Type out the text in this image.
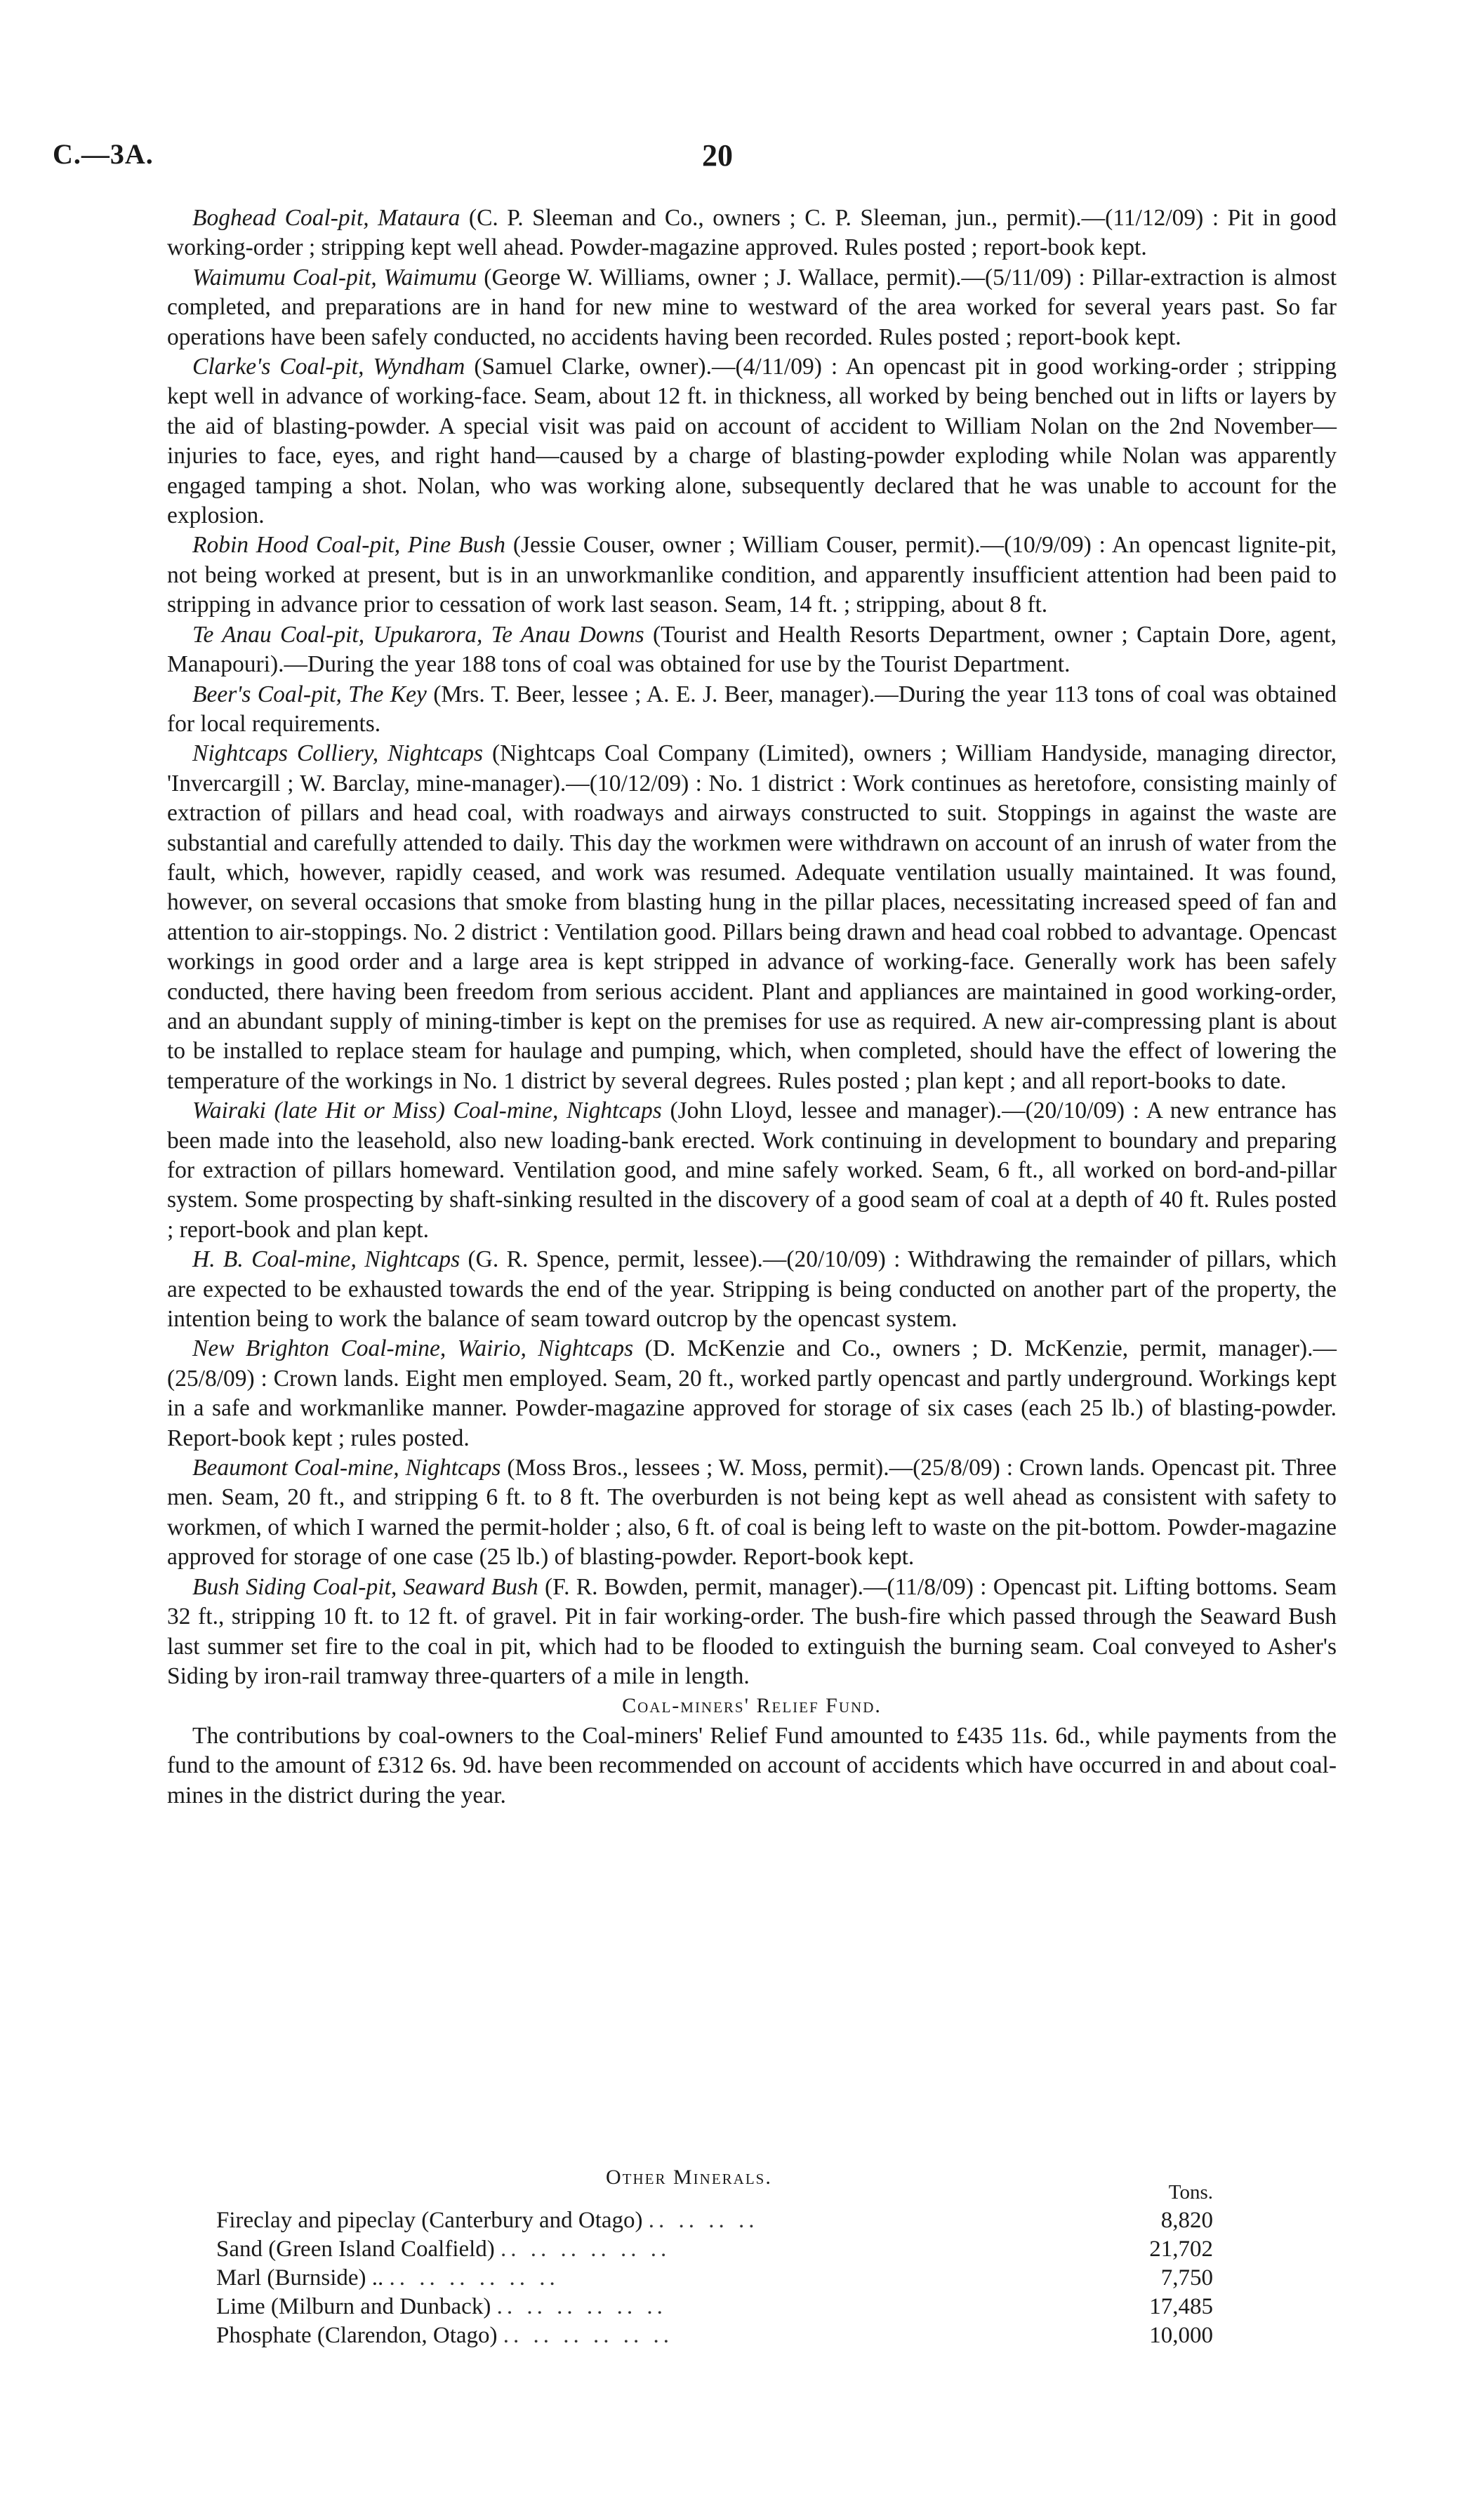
C.—3A.	20

Boghead Coal-pit, Mataura (C. P. Sleeman and Co., owners ; C. P. Sleeman, jun., permit).—(11/12/09) : Pit in good working-order ; stripping kept well ahead. Powder-magazine approved. Rules posted ; report-book kept.

Waimumu Coal-pit, Waimumu (George W. Williams, owner ; J. Wallace, permit).—(5/11/09) : Pillar-extraction is almost completed, and preparations are in hand for new mine to westward of the area worked for several years past. So far operations have been safely conducted, no accidents having been recorded. Rules posted ; report-book kept.

Clarke's Coal-pit, Wyndham (Samuel Clarke, owner).—(4/11/09) : An opencast pit in good working-order ; stripping kept well in advance of working-face. Seam, about 12 ft. in thickness, all worked by being benched out in lifts or layers by the aid of blasting-powder. A special visit was paid on account of accident to William Nolan on the 2nd November—injuries to face, eyes, and right hand—caused by a charge of blasting-powder exploding while Nolan was apparently engaged tamping a shot. Nolan, who was working alone, subsequently declared that he was unable to account for the explosion.

Robin Hood Coal-pit, Pine Bush (Jessie Couser, owner ; William Couser, permit).—(10/9/09) : An opencast lignite-pit, not being worked at present, but is in an unworkmanlike condition, and apparently insufficient attention had been paid to stripping in advance prior to cessation of work last season. Seam, 14 ft. ; stripping, about 8 ft.

Te Anau Coal-pit, Upukarora, Te Anau Downs (Tourist and Health Resorts Department, owner ; Captain Dore, agent, Manapouri).—During the year 188 tons of coal was obtained for use by the Tourist Department.

Beer's Coal-pit, The Key (Mrs. T. Beer, lessee ; A. E. J. Beer, manager).—During the year 113 tons of coal was obtained for local requirements.

Nightcaps Colliery, Nightcaps (Nightcaps Coal Company (Limited), owners ; William Handyside, managing director, 'Invercargill ; W. Barclay, mine-manager).—(10/12/09) : No. 1 district : Work continues as heretofore, consisting mainly of extraction of pillars and head coal, with roadways and airways constructed to suit. Stoppings in against the waste are substantial and carefully attended to daily. This day the workmen were withdrawn on account of an inrush of water from the fault, which, however, rapidly ceased, and work was resumed. Adequate ventilation usually maintained. It was found, however, on several occasions that smoke from blasting hung in the pillar places, necessitating increased speed of fan and attention to air-stoppings. No. 2 district : Ventilation good. Pillars being drawn and head coal robbed to advantage. Opencast workings in good order and a large area is kept stripped in advance of working-face. Generally work has been safely conducted, there having been freedom from serious accident. Plant and appliances are maintained in good working-order, and an abundant supply of mining-timber is kept on the premises for use as required. A new air-compressing plant is about to be installed to replace steam for haulage and pumping, which, when completed, should have the effect of lowering the temperature of the workings in No. 1 district by several degrees. Rules posted ; plan kept ; and all report-books to date.

Wairaki (late Hit or Miss) Coal-mine, Nightcaps (John Lloyd, lessee and manager).—(20/10/09) : A new entrance has been made into the leasehold, also new loading-bank erected. Work continuing in development to boundary and preparing for extraction of pillars homeward. Ventilation good, and mine safely worked. Seam, 6 ft., all worked on bord-and-pillar system. Some prospecting by shaft-sinking resulted in the discovery of a good seam of coal at a depth of 40 ft. Rules posted ; report-book and plan kept.

H. B. Coal-mine, Nightcaps (G. R. Spence, permit, lessee).—(20/10/09) : Withdrawing the remainder of pillars, which are expected to be exhausted towards the end of the year. Stripping is being conducted on another part of the property, the intention being to work the balance of seam toward outcrop by the opencast system.

New Brighton Coal-mine, Wairio, Nightcaps (D. McKenzie and Co., owners ; D. McKenzie, permit, manager).—(25/8/09) : Crown lands. Eight men employed. Seam, 20 ft., worked partly opencast and partly underground. Workings kept in a safe and workmanlike manner. Powder-magazine approved for storage of six cases (each 25 lb.) of blasting-powder. Report-book kept ; rules posted.

Beaumont Coal-mine, Nightcaps (Moss Bros., lessees ; W. Moss, permit).—(25/8/09) : Crown lands. Opencast pit. Three men. Seam, 20 ft., and stripping 6 ft. to 8 ft. The overburden is not being kept as well ahead as consistent with safety to workmen, of which I warned the permit-holder ; also, 6 ft. of coal is being left to waste on the pit-bottom. Powder-magazine approved for storage of one case (25 lb.) of blasting-powder. Report-book kept.

Bush Siding Coal-pit, Seaward Bush (F. R. Bowden, permit, manager).—(11/8/09) : Opencast pit. Lifting bottoms. Seam 32 ft., stripping 10 ft. to 12 ft. of gravel. Pit in fair working-order. The bush-fire which passed through the Seaward Bush last summer set fire to the coal in pit, which had to be flooded to extinguish the burning seam. Coal conveyed to Asher's Siding by iron-rail tramway three-quarters of a mile in length.

Coal-miners' Relief Fund.

The contributions by coal-owners to the Coal-miners' Relief Fund amounted to £435 11s. 6d., while payments from the fund to the amount of £312 6s. 9d. have been recommended on account of accidents which have occurred in and about coal-mines in the district during the year.

Other Minerals.
Tons.
Fireclay and pipeclay (Canterbury and Otago) .. .. .. ..	8,820
Sand (Green Island Coalfield) .. .. .. .. .. ..	21,702
Marl (Burnside) .. .. .. .. .. .. ..	7,750
Lime (Milburn and Dunback) .. .. .. .. .. ..	17,485
Phosphate (Clarendon, Otago) .. .. .. .. .. ..	10,000
